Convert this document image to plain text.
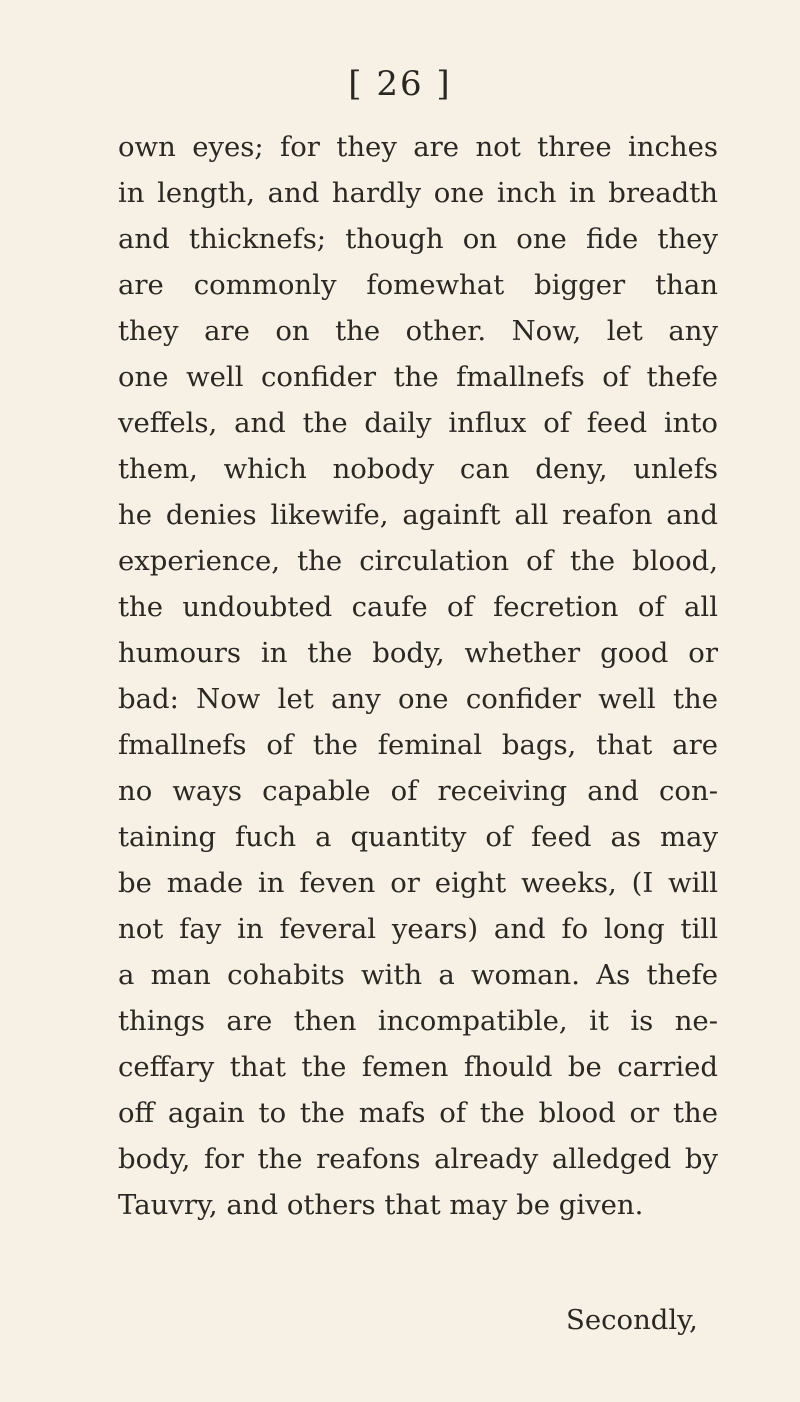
[ 26 ]
own eyes; for they are not three inches
in length, and hardly one inch in breadth
and thicknefs; though on one fide they
are commonly fomewhat bigger than
they are on the other. Now, let any
one well confider the fmallnefs of thefe
veffels, and the daily influx of feed into
them, which nobody can deny, unlefs
he denies likewife, againft all reafon and
experience, the circulation of the blood,
the undoubted caufe of fecretion of all
humours in the body, whether good or
bad: Now let any one confider well the
fmallnefs of the feminal bags, that are
no ways capable of receiving and con-
taining fuch a quantity of feed as may
be made in feven or eight weeks, (I will
not fay in feveral years) and fo long till
a man cohabits with a woman. As thefe
things are then incompatible, it is ne-
ceffary that the femen fhould be carried
off again to the mafs of the blood or the
body, for the reafons already alledged by
Tauvry, and others that may be given.
Secondly,
